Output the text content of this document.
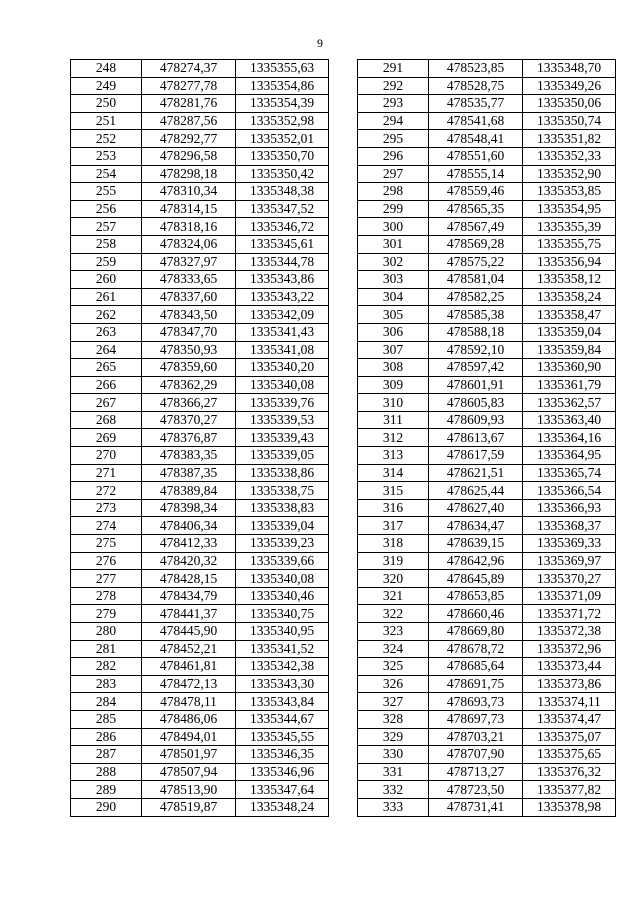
9
248	478274,37	1335355,63
249	478277,78	1335354,86
250	478281,76	1335354,39
251	478287,56	1335352,98
252	478292,77	1335352,01
253	478296,58	1335350,70
254	478298,18	1335350,42
255	478310,34	1335348,38
256	478314,15	1335347,52
257	478318,16	1335346,72
258	478324,06	1335345,61
259	478327,97	1335344,78
260	478333,65	1335343,86
261	478337,60	1335343,22
262	478343,50	1335342,09
263	478347,70	1335341,43
264	478350,93	1335341,08
265	478359,60	1335340,20
266	478362,29	1335340,08
267	478366,27	1335339,76
268	478370,27	1335339,53
269	478376,87	1335339,43
270	478383,35	1335339,05
271	478387,35	1335338,86
272	478389,84	1335338,75
273	478398,34	1335338,83
274	478406,34	1335339,04
275	478412,33	1335339,23
276	478420,32	1335339,66
277	478428,15	1335340,08
278	478434,79	1335340,46
279	478441,37	1335340,75
280	478445,90	1335340,95
281	478452,21	1335341,52
282	478461,81	1335342,38
283	478472,13	1335343,30
284	478478,11	1335343,84
285	478486,06	1335344,67
286	478494,01	1335345,55
287	478501,97	1335346,35
288	478507,94	1335346,96
289	478513,90	1335347,64
290	478519,87	1335348,24
291	478523,85	1335348,70
292	478528,75	1335349,26
293	478535,77	1335350,06
294	478541,68	1335350,74
295	478548,41	1335351,82
296	478551,60	1335352,33
297	478555,14	1335352,90
298	478559,46	1335353,85
299	478565,35	1335354,95
300	478567,49	1335355,39
301	478569,28	1335355,75
302	478575,22	1335356,94
303	478581,04	1335358,12
304	478582,25	1335358,24
305	478585,38	1335358,47
306	478588,18	1335359,04
307	478592,10	1335359,84
308	478597,42	1335360,90
309	478601,91	1335361,79
310	478605,83	1335362,57
311	478609,93	1335363,40
312	478613,67	1335364,16
313	478617,59	1335364,95
314	478621,51	1335365,74
315	478625,44	1335366,54
316	478627,40	1335366,93
317	478634,47	1335368,37
318	478639,15	1335369,33
319	478642,96	1335369,97
320	478645,89	1335370,27
321	478653,85	1335371,09
322	478660,46	1335371,72
323	478669,80	1335372,38
324	478678,72	1335372,96
325	478685,64	1335373,44
326	478691,75	1335373,86
327	478693,73	1335374,11
328	478697,73	1335374,47
329	478703,21	1335375,07
330	478707,90	1335375,65
331	478713,27	1335376,32
332	478723,50	1335377,82
333	478731,41	1335378,98
